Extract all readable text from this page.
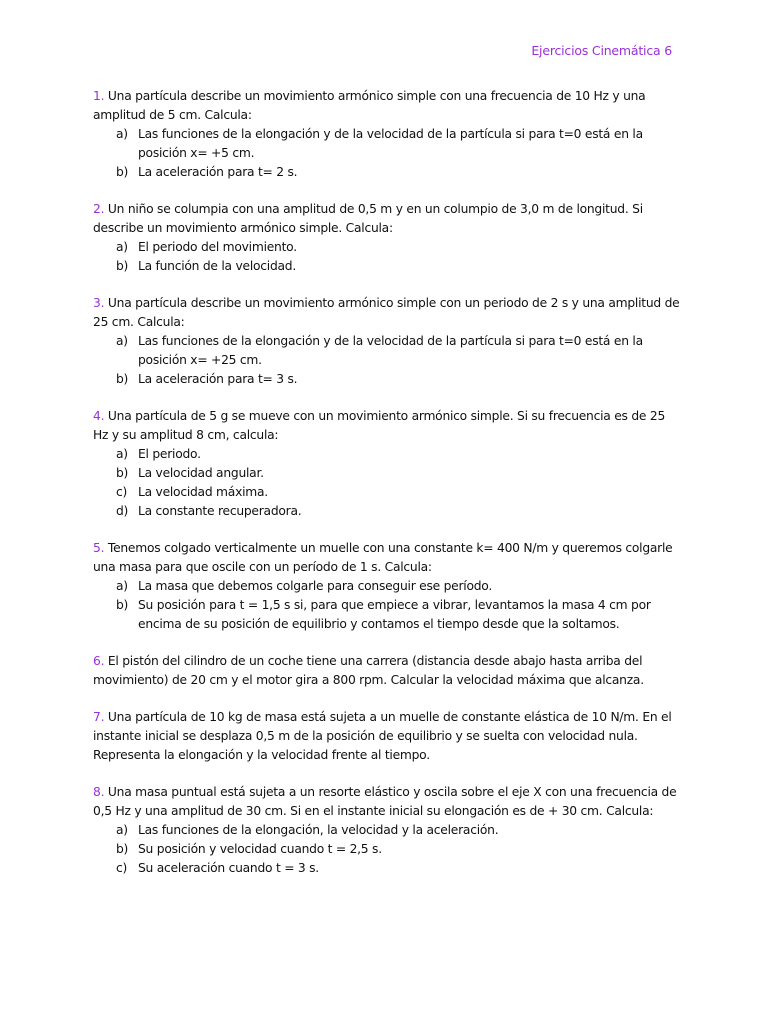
Ejercicios Cinemática 6

1. Una partícula describe un movimiento armónico simple con una frecuencia de 10 Hz y una amplitud de 5 cm. Calcula:

a) Las funciones de la elongación y de la velocidad de la partícula si para t=0 está en la posición x= +5 cm.
b) La aceleración para t= 2 s.

2. Un niño se columpia con una amplitud de 0,5 m y en un columpio de 3,0 m de longitud. Si describe un movimiento armónico simple. Calcula:

a) El periodo del movimiento.
b) La función de la velocidad.

3. Una partícula describe un movimiento armónico simple con un periodo de 2 s y una amplitud de 25 cm. Calcula:

a) Las funciones de la elongación y de la velocidad de la partícula si para t=0 está en la posición x= +25 cm.
b) La aceleración para t= 3 s.

4. Una partícula de 5 g se mueve con un movimiento armónico simple. Si su frecuencia es de 25 Hz y su amplitud 8 cm, calcula:

a) El periodo.
b) La velocidad angular.
c) La velocidad máxima.
d) La constante recuperadora.

5. Tenemos colgado verticalmente un muelle con una constante k= 400 N/m y queremos colgarle una masa para que oscile con un período de 1 s. Calcula:

a) La masa que debemos colgarle para conseguir ese período.
b) Su posición para t = 1,5 s si, para que empiece a vibrar, levantamos la masa 4 cm por encima de su posición de equilibrio y contamos el tiempo desde que la soltamos.

6. El pistón del cilindro de un coche tiene una carrera (distancia desde abajo hasta arriba del movimiento) de 20 cm y el motor gira a 800 rpm. Calcular la velocidad máxima que alcanza.

7. Una partícula de 10 kg de masa está sujeta a un muelle de constante elástica de 10 N/m. En el instante inicial se desplaza 0,5 m de la posición de equilibrio y se suelta con velocidad nula. Representa la elongación y la velocidad frente al tiempo.

8. Una masa puntual está sujeta a un resorte elástico y oscila sobre el eje X con una frecuencia de 0,5 Hz y una amplitud de 30 cm. Si en el instante inicial su elongación es de + 30 cm. Calcula:

a) Las funciones de la elongación, la velocidad y la aceleración.
b) Su posición y velocidad cuando t = 2,5 s.
c) Su aceleración cuando t = 3 s.
